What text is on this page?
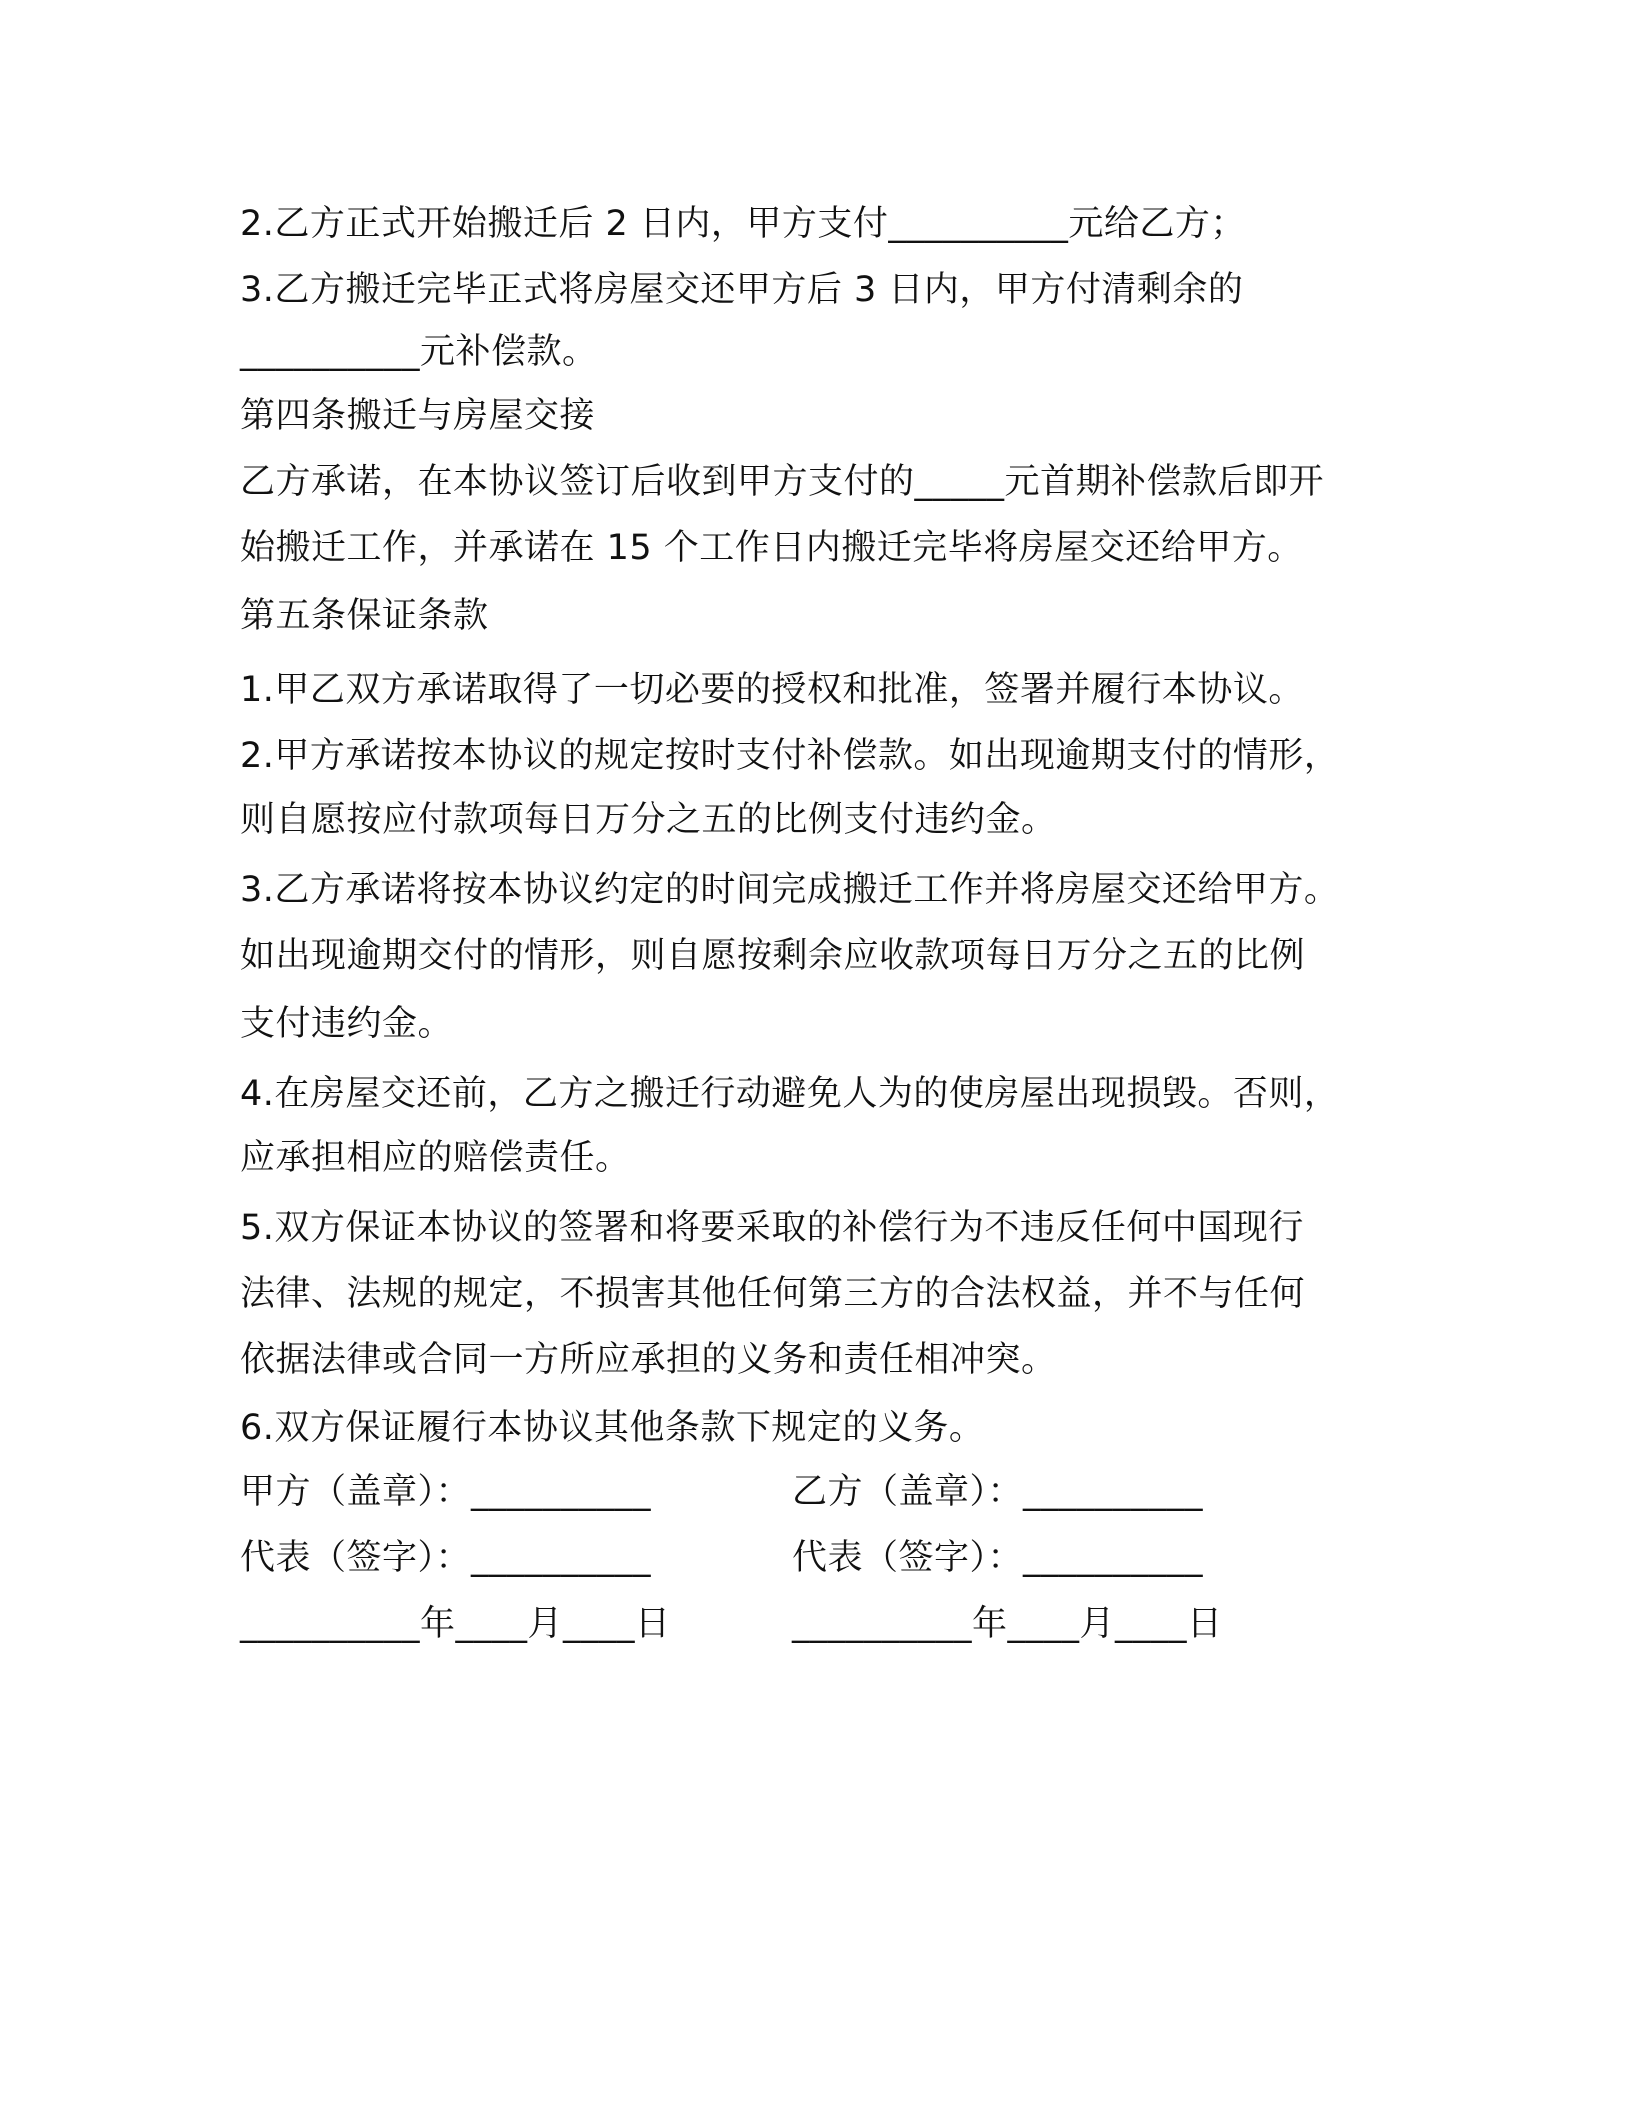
2.乙方正式开始搬迁后 2 日内，甲方支付__________元给乙方；
3.乙方搬迁完毕正式将房屋交还甲方后 3 日内，甲方付清剩余的
__________元补偿款。
第四条搬迁与房屋交接
乙方承诺，在本协议签订后收到甲方支付的_____元首期补偿款后即开
始搬迁工作，并承诺在 15 个工作日内搬迁完毕将房屋交还给甲方。
第五条保证条款
1.甲乙双方承诺取得了一切必要的授权和批准，签署并履行本协议。
2.甲方承诺按本协议的规定按时支付补偿款。如出现逾期支付的情形，
则自愿按应付款项每日万分之五的比例支付违约金。
3.乙方承诺将按本协议约定的时间完成搬迁工作并将房屋交还给甲方。
如出现逾期交付的情形，则自愿按剩余应收款项每日万分之五的比例
支付违约金。
4.在房屋交还前，乙方之搬迁行动避免人为的使房屋出现损毁。否则，
应承担相应的赔偿责任。
5.双方保证本协议的签署和将要采取的补偿行为不违反任何中国现行
法律、法规的规定，不损害其他任何第三方的合法权益，并不与任何
依据法律或合同一方所应承担的义务和责任相冲突。
6.双方保证履行本协议其他条款下规定的义务。
甲方（盖章）：__________	乙方（盖章）：__________
代表（签字）：__________	代表（签字）：__________
__________年____月____日	__________年____月____日
